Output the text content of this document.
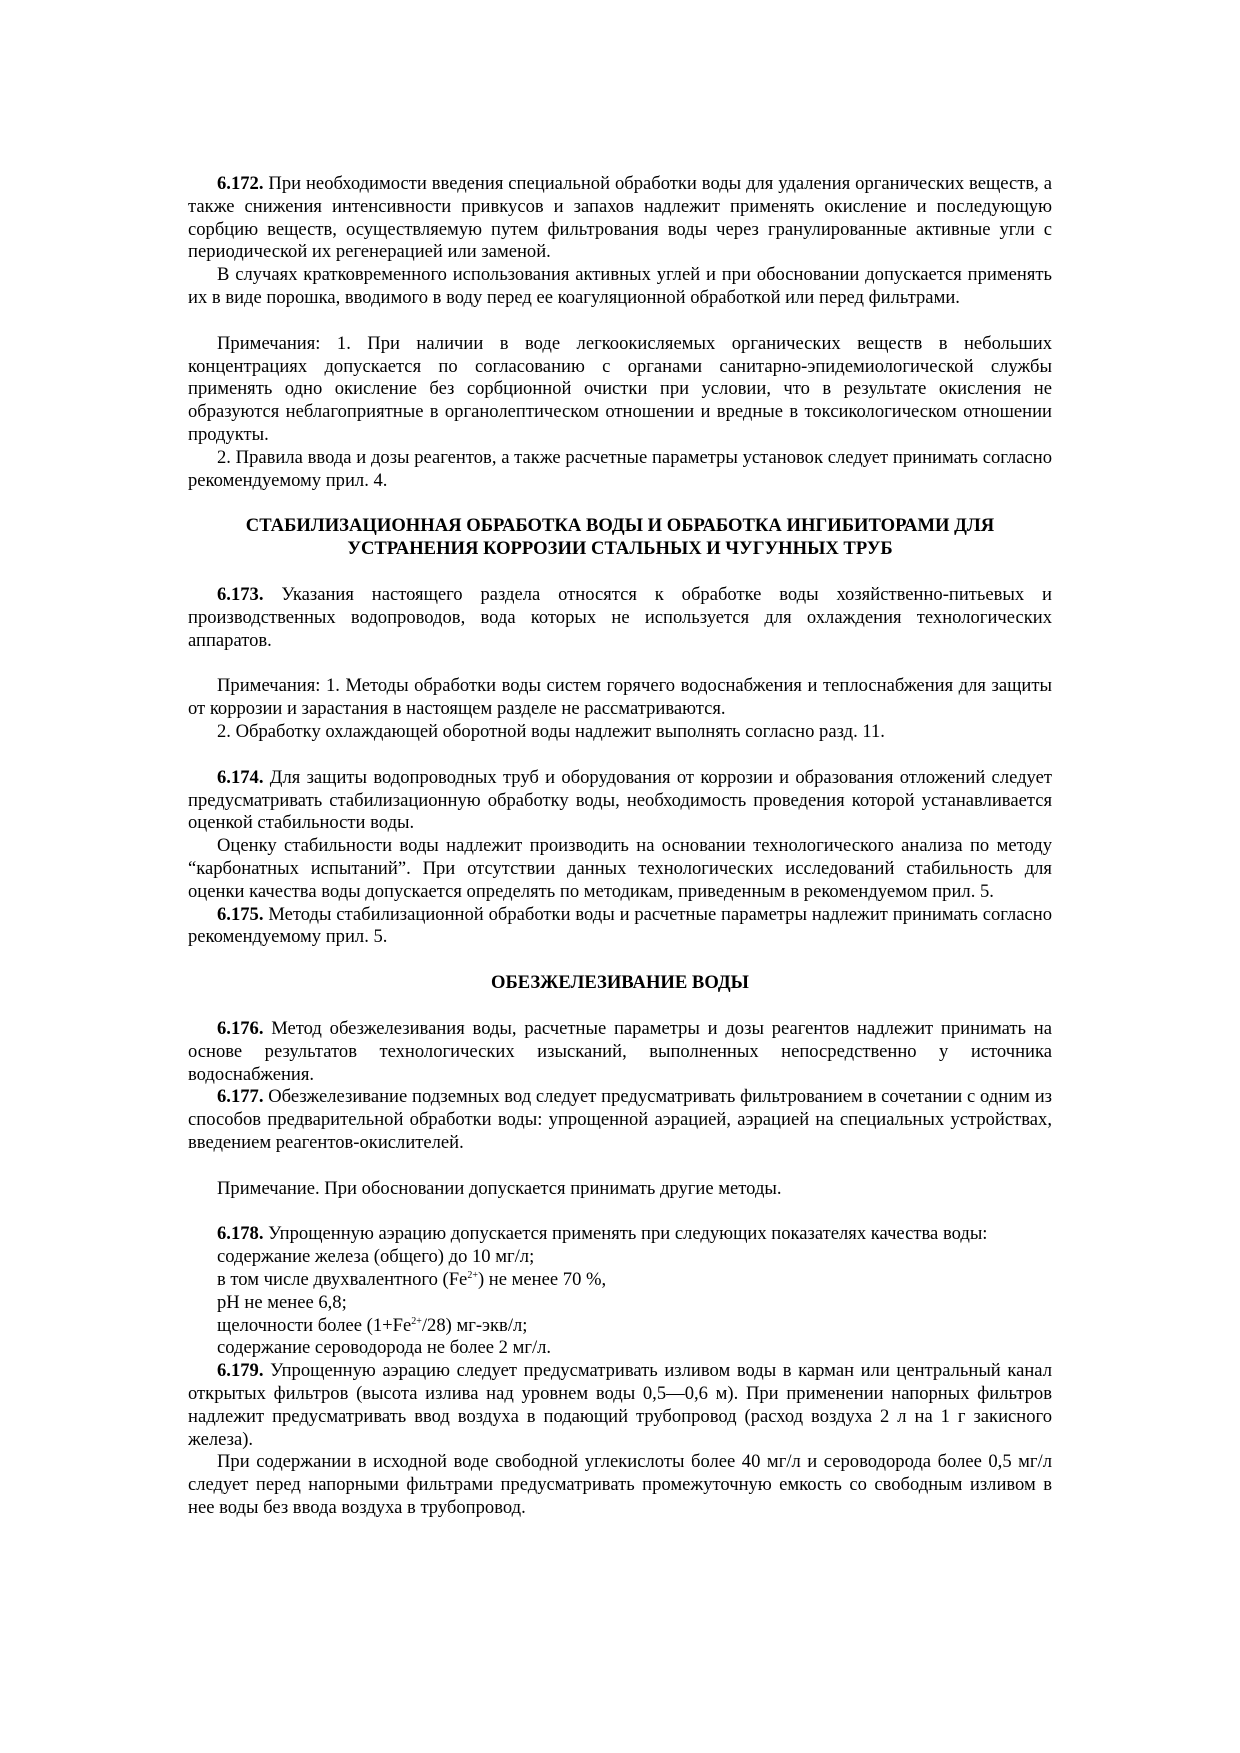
6.172. При необходимости введения специальной обработки воды для удаления органических веществ, а также снижения интенсивности привкусов и запахов надлежит применять окисление и последующую сорбцию веществ, осуществляемую путем фильтрования воды через гранулированные активные угли с периодической их регенерацией или заменой.

В случаях кратковременного использования активных углей и при обосновании допускается применять их в виде порошка, вводимого в воду перед ее коагуляционной обработкой или перед фильтрами.

Примечания: 1. При наличии в воде легкоокисляемых органических веществ в небольших концентрациях допускается по согласованию с органами санитарно-эпидемиологической службы применять одно окисление без сорбционной очистки при условии, что в результате окисления не образуются неблагоприятные в органолептическом отношении и вредные в токсикологическом отношении продукты.

2. Правила ввода и дозы реагентов, а также расчетные параметры установок следует принимать согласно рекомендуемому прил. 4.

СТАБИЛИЗАЦИОННАЯ ОБРАБОТКА ВОДЫ И ОБРАБОТКА ИНГИБИТОРАМИ ДЛЯ
УСТРАНЕНИЯ КОРРОЗИИ СТАЛЬНЫХ И ЧУГУННЫХ ТРУБ

6.173. Указания настоящего раздела относятся к обработке воды хозяйственно-питьевых и производственных водопроводов, вода которых не используется для охлаждения технологических аппаратов.

Примечания: 1. Методы обработки воды систем горячего водоснабжения и теплоснабжения для защиты от коррозии и зарастания в настоящем разделе не рассматриваются.

2. Обработку охлаждающей оборотной воды надлежит выполнять согласно разд. 11.

6.174. Для защиты водопроводных труб и оборудования от коррозии и образования отложений следует предусматривать стабилизационную обработку воды, необходимость проведения которой устанавливается оценкой стабильности воды.

Оценку стабильности воды надлежит производить на основании технологического анализа по методу “карбонатных испытаний”. При отсутствии данных технологических исследований стабильность для оценки качества воды допускается определять по методикам, приведенным в рекомендуемом прил. 5.

6.175. Методы стабилизационной обработки воды и расчетные параметры надлежит принимать согласно рекомендуемому прил. 5.

ОБЕЗЖЕЛЕЗИВАНИЕ ВОДЫ

6.176. Метод обезжелезивания воды, расчетные параметры и дозы реагентов надлежит принимать на основе результатов технологических изысканий, выполненных непосредственно у источника водоснабжения.

6.177. Обезжелезивание подземных вод следует предусматривать фильтрованием в сочетании с одним из способов предварительной обработки воды: упрощенной аэрацией, аэрацией на специальных устройствах, введением реагентов-окислителей.

Примечание. При обосновании допускается принимать другие методы.

6.178. Упрощенную аэрацию допускается применять при следующих показателях качества воды:

содержание железа (общего) до 10 мг/л;

в том числе двухвалентного $(Fe^{2+})$ не менее 70 %,

рН не менее 6,8;

щелочности более $(1+Fe^{2+}/28)$ мг-экв/л;

содержание сероводорода не более 2 мг/л.

6.179. Упрощенную аэрацию следует предусматривать изливом воды в карман или центральный канал открытых фильтров (высота излива над уровнем воды 0,5—0,6 м). При применении напорных фильтров надлежит предусматривать ввод воздуха в подающий трубопровод (расход воздуха 2 л на 1 г закисного железа).

При содержании в исходной воде свободной углекислоты более 40 мг/л и сероводорода более 0,5 мг/л следует перед напорными фильтрами предусматривать промежуточную емкость со свободным изливом в нее воды без ввода воздуха в трубопровод.
